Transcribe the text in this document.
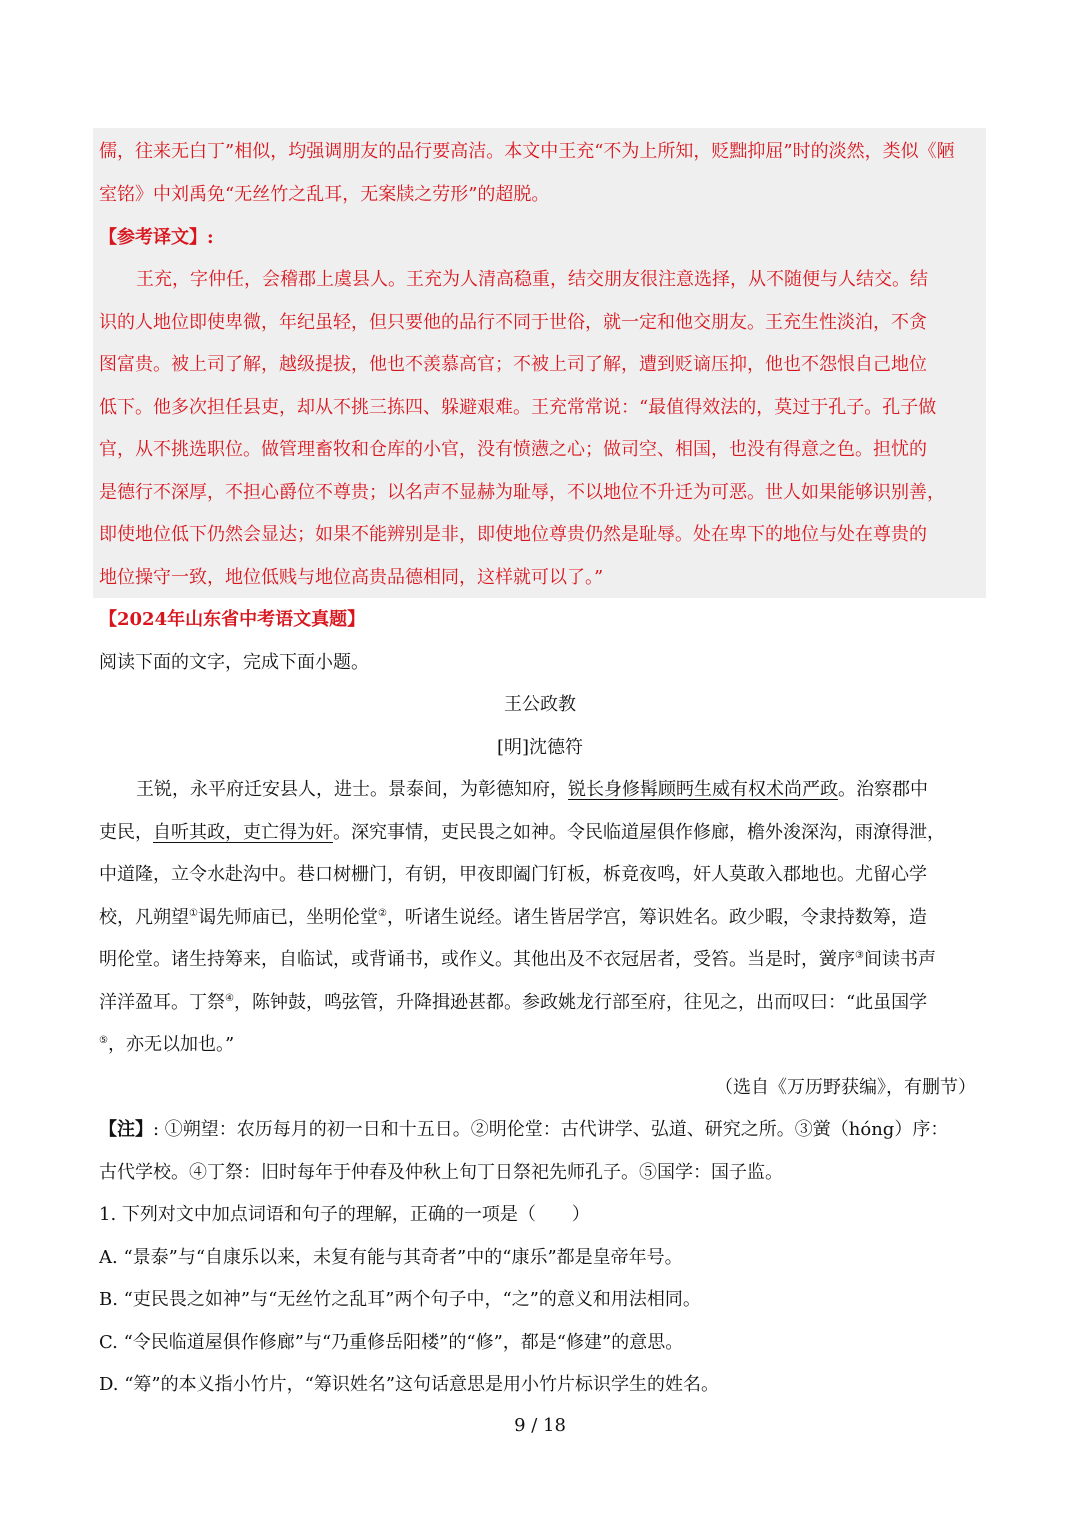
儒，往来无白丁”相似，均强调朋友的品行要高洁。本文中王充“不为上所知，贬黜抑屈”时的淡然，类似《陋
室铭》中刘禹免“无丝竹之乱耳，无案牍之劳形”的超脱。
【参考译文】:
王充，字仲任，会稽郡上虞县人。王充为人清高稳重，结交朋友很注意选择，从不随便与人结交。结
识的人地位即使卑微，年纪虽轻，但只要他的品行不同于世俗，就一定和他交朋友。王充生性淡泊，不贪
图富贵。被上司了解，越级提拔，他也不羡慕高官；不被上司了解，遭到贬谪压抑，他也不怨恨自己地位
低下。他多次担任县吏，却从不挑三拣四、躲避艰难。王充常常说：“最值得效法的，莫过于孔子。孔子做
官，从不挑选职位。做管理畜牧和仓库的小官，没有愤懑之心；做司空、相国，也没有得意之色。担忧的
是德行不深厚，不担心爵位不尊贵；以名声不显赫为耻辱，不以地位不升迁为可恶。世人如果能够识别善，
即使地位低下仍然会显达；如果不能辨别是非，即使地位尊贵仍然是耻辱。处在卑下的地位与处在尊贵的
地位操守一致，地位低贱与地位高贵品德相同，这样就可以了。”
【2024年山东省中考语文真题】
阅读下面的文字，完成下面小题。
王公政教
[明]沈德符
王锐，永平府迁安县人，进士。景泰间，为彰德知府，锐长身修髯顾眄生威有权术尚严政。治察郡中
吏民，自听其政，吏亡得为奸。深究事情，吏民畏之如神。令民临道屋俱作修廊，檐外浚深沟，雨潦得泄，
中道隆，立令水赴沟中。巷口树栅门，有钥，甲夜即阖门钉板，柝竟夜鸣，奸人莫敢入郡地也。尤留心学
校，凡朔望①谒先师庙已，坐明伦堂②，听诸生说经。诸生皆居学宫，筹识姓名。政少暇，令隶持数筹，造
明伦堂。诸生持筹来，自临试，或背诵书，或作义。其他出及不衣冠居者，受笞。当是时，黉序③间读书声
洋洋盈耳。丁祭④，陈钟鼓，鸣弦管，升降揖逊甚都。参政姚龙行部至府，往见之，出而叹曰：“此虽国学
⑤，亦无以加也。”
（选自《万历野获编》，有删节）
【注】: ①朔望：农历每月的初一日和十五日。②明伦堂：古代讲学、弘道、研究之所。③黉（hóng）序：
古代学校。④丁祭：旧时每年于仲春及仲秋上旬丁日祭祀先师孔子。⑤国学：国子监。
1. 下列对文中加点词语和句子的理解，正确的一项是（　　）
A. “景泰”与“自康乐以来，未复有能与其奇者”中的“康乐”都是皇帝年号。
B. “吏民畏之如神”与“无丝竹之乱耳”两个句子中，“之”的意义和用法相同。
C. “令民临道屋俱作修廊”与“乃重修岳阳楼”的“修”，都是“修建”的意思。
D. “筹”的本义指小竹片，“筹识姓名”这句话意思是用小竹片标识学生的姓名。
9 / 18
